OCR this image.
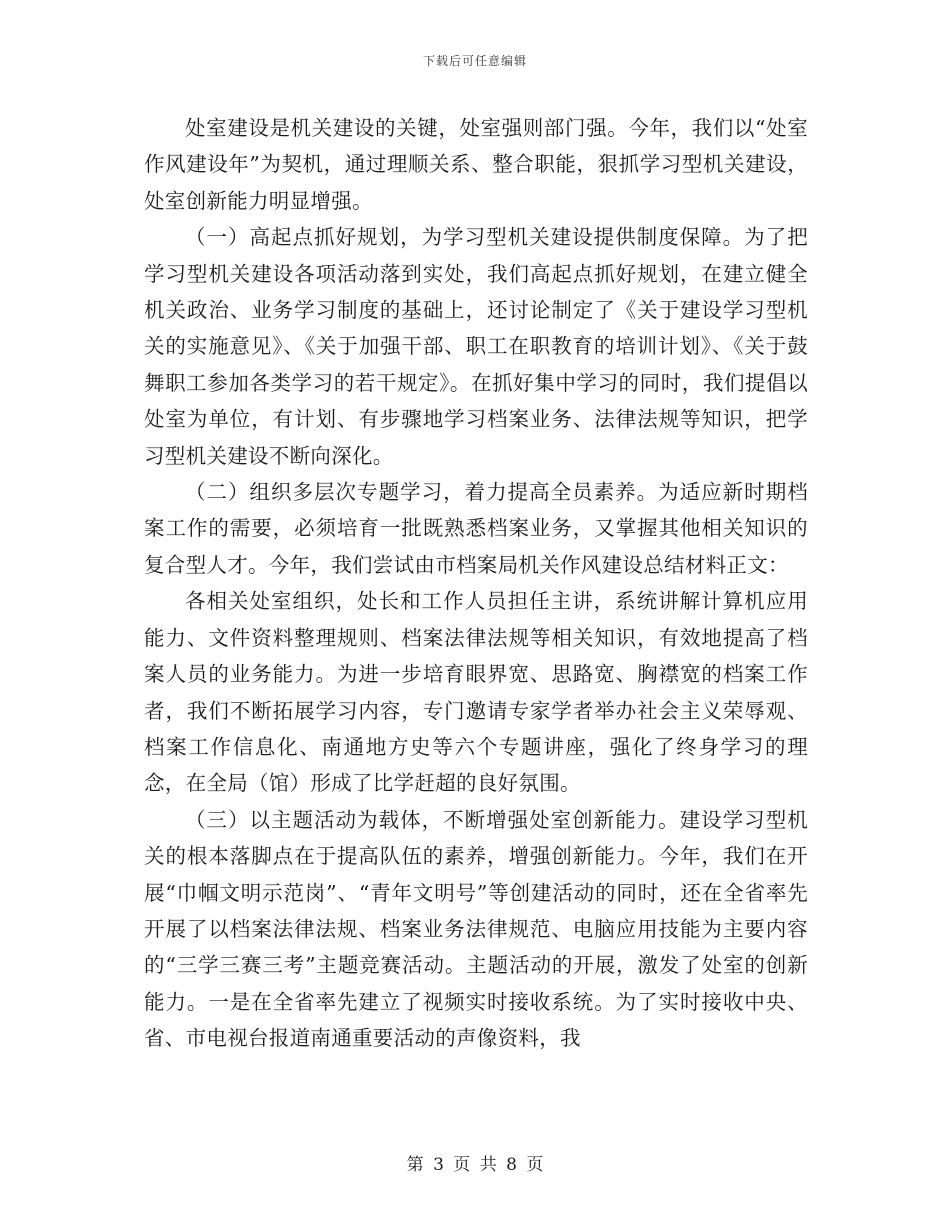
下载后可任意编辑

处室建设是机关建设的关键，处室强则部门强。今年，我们以“处室作风建设年”为契机，通过理顺关系、整合职能，狠抓学习型机关建设，处室创新能力明显增强。

（一）高起点抓好规划，为学习型机关建设提供制度保障。为了把学习型机关建设各项活动落到实处，我们高起点抓好规划，在建立健全机关政治、业务学习制度的基础上，还讨论制定了《关于建设学习型机关的实施意见》、《关于加强干部、职工在职教育的培训计划》、《关于鼓舞职工参加各类学习的若干规定》。在抓好集中学习的同时，我们提倡以处室为单位，有计划、有步骤地学习档案业务、法律法规等知识，把学习型机关建设不断向深化。

（二）组织多层次专题学习，着力提高全员素养。为适应新时期档案工作的需要，必须培育一批既熟悉档案业务，又掌握其他相关知识的复合型人才。今年，我们尝试由市档案局机关作风建设总结材料正文：

各相关处室组织，处长和工作人员担任主讲，系统讲解计算机应用能力、文件资料整理规则、档案法律法规等相关知识，有效地提高了档案人员的业务能力。为进一步培育眼界宽、思路宽、胸襟宽的档案工作者，我们不断拓展学习内容，专门邀请专家学者举办社会主义荣辱观、档案工作信息化、南通地方史等六个专题讲座，强化了终身学习的理念，在全局（馆）形成了比学赶超的良好氛围。

（三）以主题活动为载体，不断增强处室创新能力。建设学习型机关的根本落脚点在于提高队伍的素养，增强创新能力。今年，我们在开展“巾帼文明示范岗”、“青年文明号”等创建活动的同时，还在全省率先开展了以档案法律法规、档案业务法律规范、电脑应用技能为主要内容的“三学三赛三考”主题竞赛活动。主题活动的开展，激发了处室的创新能力。一是在全省率先建立了视频实时接收系统。为了实时接收中央、省、市电视台报道南通重要活动的声像资料，我

第 3 页 共 8 页
